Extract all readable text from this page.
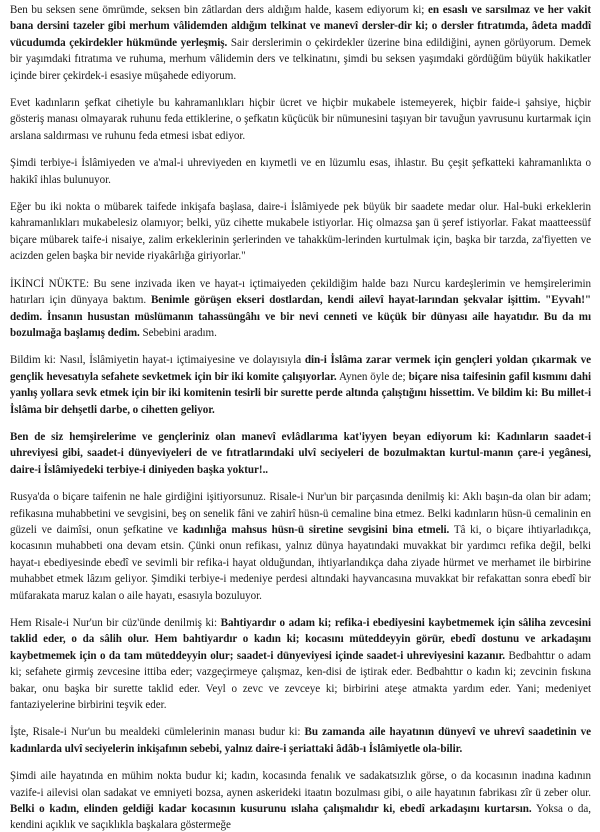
Ben bu seksen sene ömrümde, seksen bin zâtlardan ders aldığım halde, kasem ediyorum ki; en esaslı ve sarsılmaz ve her vakit bana dersini tazeler gibi merhum vâlidemden aldığım telkinat ve manevî dersler-dir ki; o dersler fıtratımda, âdeta maddî vücudumda çekirdekler hükmünde yerleşmiş. Sair derslerimin o çekirdekler üzerine bina edildiğini, aynen görüyorum. Demek bir yaşımdaki fıtratıma ve ruhuma, merhum vâlidemin ders ve telkinatını, şimdi bu seksen yaşımdaki gördüğüm büyük hakikatler içinde birer çekirdek-i esasiye müşahede ediyorum.

Evet kadınların şefkat cihetiyle bu kahramanlıkları hiçbir ücret ve hiçbir mukabele istemeyerek, hiçbir faide-i şahsiye, hiçbir gösteriş manası olmayarak ruhunu feda ettiklerine, o şefkatın küçücük bir nümunesini taşıyan bir tavuğun yavrusunu kurtarmak için arslana saldırması ve ruhunu feda etmesi isbat ediyor.

Şimdi terbiye-i İslâmiyeden ve a'mal-i uhreviyeden en kıymetli ve en lüzumlu esas, ihlastır. Bu çeşit şefkatteki kahramanlıkta o hakikî ihlas bulunuyor.

Eğer bu iki nokta o mübarek taifede inkişafa başlasa, daire-i İslâmiyede pek büyük bir saadete medar olur. Hal-buki erkeklerin kahramanlıkları mukabelesiz olamıyor; belki, yüz cihette mukabele istiyorlar. Hiç olmazsa şan ü şeref istiyorlar. Fakat maatteessüf biçare mübarek taife-i nisaiye, zalim erkeklerinin şerlerinden ve tahakküm-lerinden kurtulmak için, başka bir tarzda, za'fiyetten ve acizden gelen başka bir nevide riyakârlığa giriyorlar."

İKİNCİ NÜKTE: Bu sene inzivada iken ve hayat-ı içtimaiyeden çekildiğim halde bazı Nurcu kardeşlerimin ve hemşirelerimin hatırları için dünyaya baktım. Benimle görüşen ekseri dostlardan, kendi ailevî hayat-larından şekvalar işittim. "Eyvah!" dedim. İnsanın husustan müslümanın tahassüngâhı ve bir nevi cenneti ve küçük bir dünyası aile hayatıdır. Bu da mı bozulmağa başlamış dedim. Sebebini aradım.

Bildim ki: Nasıl, İslâmiyetin hayat-ı içtimaiyesine ve dolayısıyla din-i İslâma zarar vermek için gençleri yoldan çıkarmak ve gençlik hevesatıyla sefahete sevketmek için bir iki komite çalışıyorlar. Aynen öyle de; biçare nisa taifesinin gafil kısmını dahi yanlış yollara sevk etmek için bir iki komitenin tesirli bir surette perde altında çalıştığını hissettim. Ve bildim ki: Bu millet-i İslâma bir dehşetli darbe, o cihetten geliyor.

Ben de siz hemşirelerime ve gençleriniz olan manevî evlâdlarıma kat'iyyen beyan ediyorum ki: Kadınların saadet-i uhreviyesi gibi, saadet-i dünyeviyeleri de ve fıtratlarındaki ulvî seciyeleri de bozulmaktan kurtul-manın çare-i yegânesi, daire-i İslâmiyedeki terbiye-i diniyeden başka yoktur!..

Rusya'da o biçare taifenin ne hale girdiğini işitiyorsunuz. Risale-i Nur'un bir parçasında denilmiş ki: Aklı başın-da olan bir adam; refikasına muhabbetini ve sevgisini, beş on senelik fâni ve zahirî hüsn-ü cemaline bina etmez. Belki kadınların hüsn-ü cemalinin en güzeli ve daimîsi, onun şefkatine ve kadınlığa mahsus hüsn-ü siretine sevgisini bina etmeli. Tâ ki, o biçare ihtiyarladıkça, kocasının muhabbeti ona devam etsin. Çünki onun refikası, yalnız dünya hayatındaki muvakkat bir yardımcı refika değil, belki hayat-ı ebediyesinde ebedî ve sevimli bir refika-i hayat olduğundan, ihtiyarlandıkça daha ziyade hürmet ve merhamet ile birbirine muhabbet etmek lâzım geliyor. Şimdiki terbiye-i medeniye perdesi altındaki hayvancasına muvakkat bir refakattan sonra ebedî bir müfarakata maruz kalan o aile hayatı, esasıyla bozuluyor.

Hem Risale-i Nur'un bir cüz'ünde denilmiş ki: Bahtiyardır o adam ki; refika-i ebediyesini kaybetmemek için sâliha zevcesini taklid eder, o da sâlih olur. Hem bahtiyardır o kadın ki; kocasını müteddeyyin görür, ebedî dostunu ve arkadaşını kaybetmemek için o da tam müteddeyyin olur; saadet-i dünyeviyesi içinde saadet-i uhreviyesini kazanır. Bedbahttır o adam ki; sefahete girmiş zevcesine ittiba eder; vazgeçirmeye çalışmaz, ken-disi de iştirak eder. Bedbahttır o kadın ki; zevcinin fıskına bakar, onu başka bir surette taklid eder. Veyl o zevc ve zevceye ki; birbirini ateşe atmakta yardım eder. Yani; medeniyet fantaziyelerine birbirini teşvik eder.

İşte, Risale-i Nur'un bu mealdeki cümlelerinin manası budur ki: Bu zamanda aile hayatının dünyevî ve uhrevî saadetinin ve kadınlarda ulvî seciyelerin inkişafının sebebi, yalnız daire-i şeriattaki âdâb-ı İslâmiyetle ola-bilir.

Şimdi aile hayatında en mühim nokta budur ki; kadın, kocasında fenalık ve sadakatsızlık görse, o da kocasının inadına kadının vazife-i ailevisi olan sadakat ve emniyeti bozsa, aynen askerideki itaatın bozulması gibi, o aile hayatının fabrikası zîr ü zeber olur. Belki o kadın, elinden geldiği kadar kocasının kusurunu ıslaha çalışmalıdır ki, ebedî arkadaşını kurtarsın. Yoksa o da, kendini açıklık ve saçıklıkla başkalara göstermeğe
